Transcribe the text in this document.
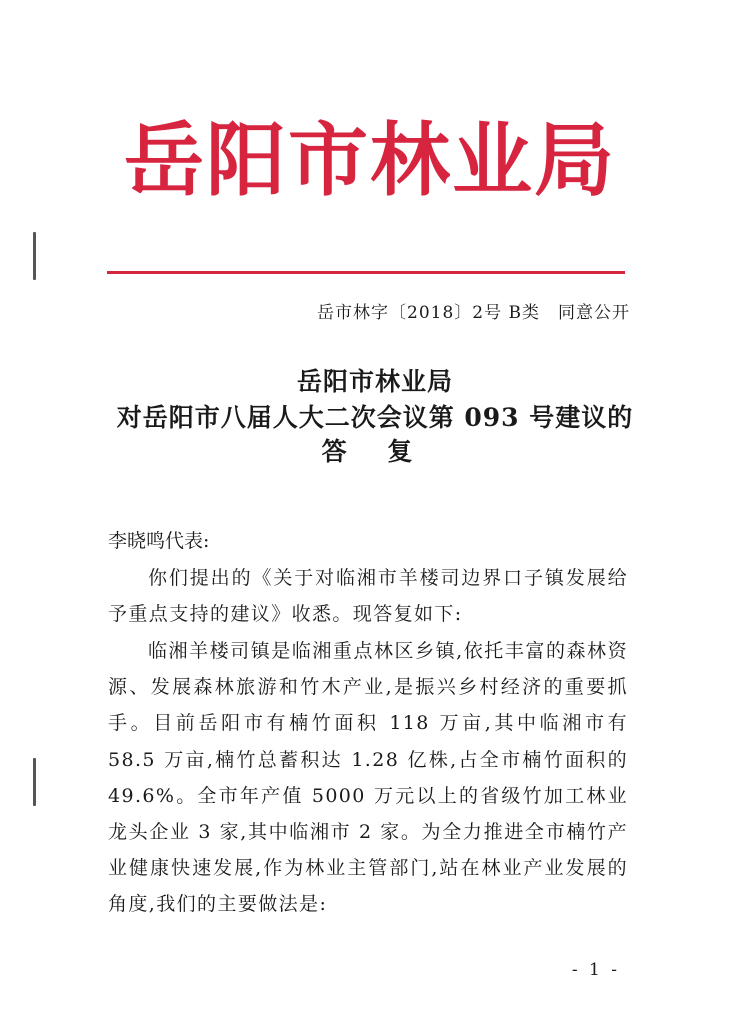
岳阳市林业局
岳市林字〔2018〕2号 B类　同意公开
岳阳市林业局
对岳阳市八届人大二次会议第 093 号建议的
答 复
李晓鸣代表:

你们提出的《关于对临湘市羊楼司边界口子镇发展给予重点支持的建议》收悉。现答复如下:

临湘羊楼司镇是临湘重点林区乡镇,依托丰富的森林资源、发展森林旅游和竹木产业,是振兴乡村经济的重要抓手。目前岳阳市有楠竹面积 118 万亩,其中临湘市有 58.5 万亩,楠竹总蓄积达 1.28 亿株,占全市楠竹面积的 49.6%。全市年产值 5000 万元以上的省级竹加工林业龙头企业 3 家,其中临湘市 2 家。为全力推进全市楠竹产业健康快速发展,作为林业主管部门,站在林业产业发展的角度,我们的主要做法是:

- 1 -
